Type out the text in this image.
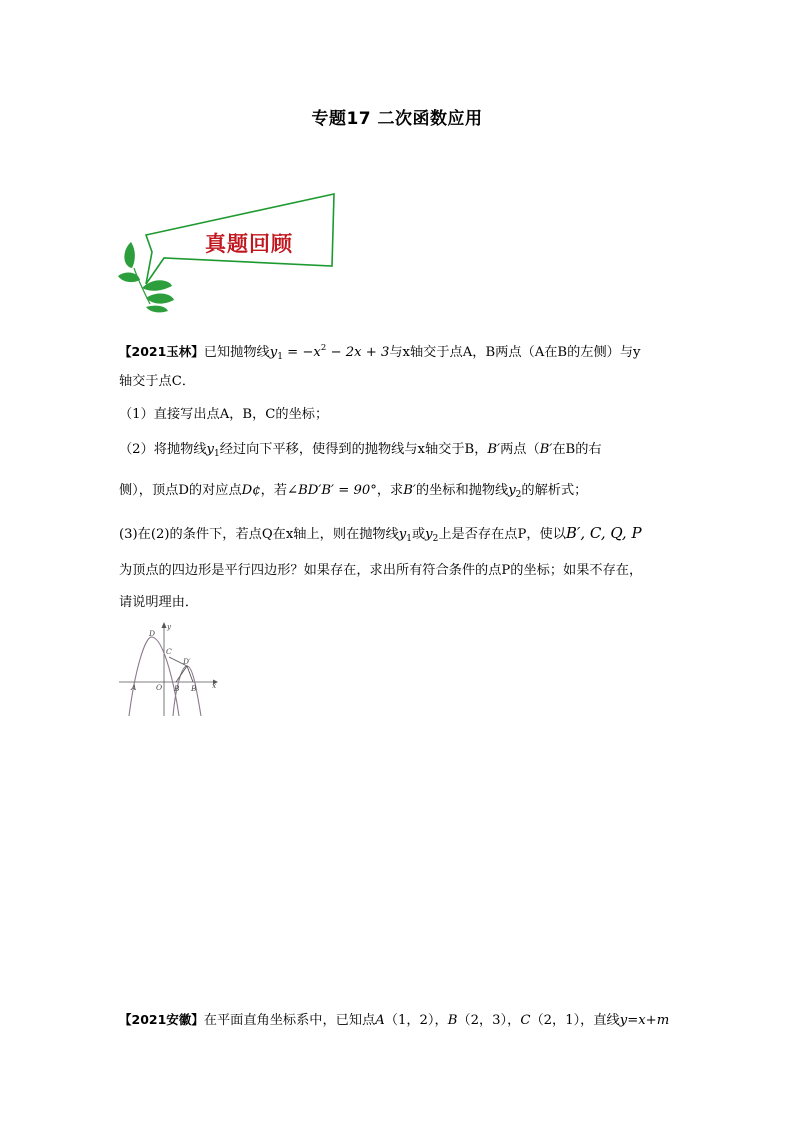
专题17 二次函数应用
真题回顾
【2021玉林】已知抛物线$y_1 = -x^2 - 2x + 3$与x轴交于点A，B两点（A在B的左侧）与y
轴交于点C．
（1）直接写出点A，B，C的坐标；
（2）将抛物线$y_1$经过向下平移，使得到的抛物线与x轴交于B，B′两点（B′在B的右
侧），顶点D的对应点D¢，若∠BD′B′ = 90°，求B′的坐标和抛物线$y_2$的解析式；
(3)在(2)的条件下，若点Q在x轴上，则在抛物线$y_1$或$y_2$上是否存在点P，使以B′, C, Q, P
为顶点的四边形是平行四边形？如果存在，求出所有符合条件的点P的坐标；如果不存在，
请说明理由．
y
D
C
D′
A	O B B x
【2021安徽】在平面直角坐标系中，已知点A（1，2），B（2，3），C（2，1），直线y=x+m
